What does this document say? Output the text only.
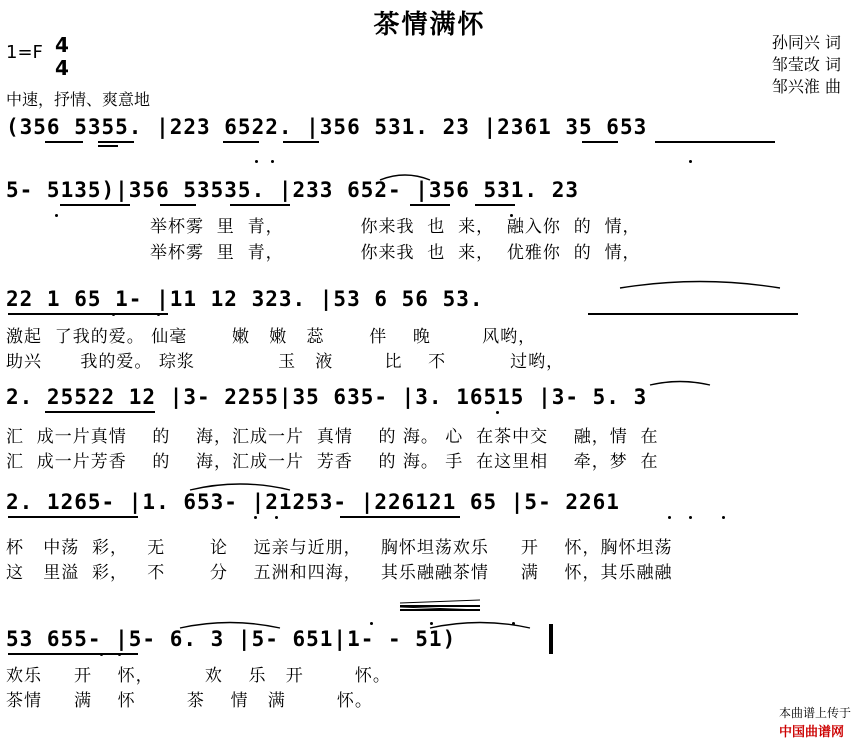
茶情满怀
1=F 4
4
中速，抒情、爽意地
孙同兴 词
邹莹改 词
邹兴淮 曲
(356 5355. |223 6522. |356 531. 23 |2361 35 653
5- 5135)|356 53535. |233 652- |356 531. 23
22 1 65 1- |11 12 323. |53 6 56 53.
2. 25522 12 |3- 2255|35 635- |3. 16515 |3- 5. 3
2. 1265- |1. 653- |21253- |226121 65 |5- 2261
53 655- |5- 6. 3 |5- 651|1- - 51)
举杯雾  里  青，            你来我  也  来，  融入你  的  情，
举杯雾  里  青，            你来我  也  来，  优雅你  的  情，
激起  了我的爱。 仙毫       嫩   嫩   蕊       伴    晚        风哟，
助兴      我的爱。 琮浆             玉   液        比    不          过哟，
汇  成一片真情    的    海，汇成一片  真情    的 海。 心  在茶中交    融，情  在
汇  成一片芳香    的    海，汇成一片  芳香    的 海。 手  在这里相    牵，梦  在
杯   中荡  彩，   无       论    远亲与近朋，   胸怀坦荡欢乐     开    怀，胸怀坦荡
这   里溢  彩，   不       分    五洲和四海，   其乐融融茶情     满    怀，其乐融融
欢乐     开    怀，        欢    乐   开        怀。
茶情     满    怀        茶    情   满        怀。

本曲谱上传于
中国曲谱网
